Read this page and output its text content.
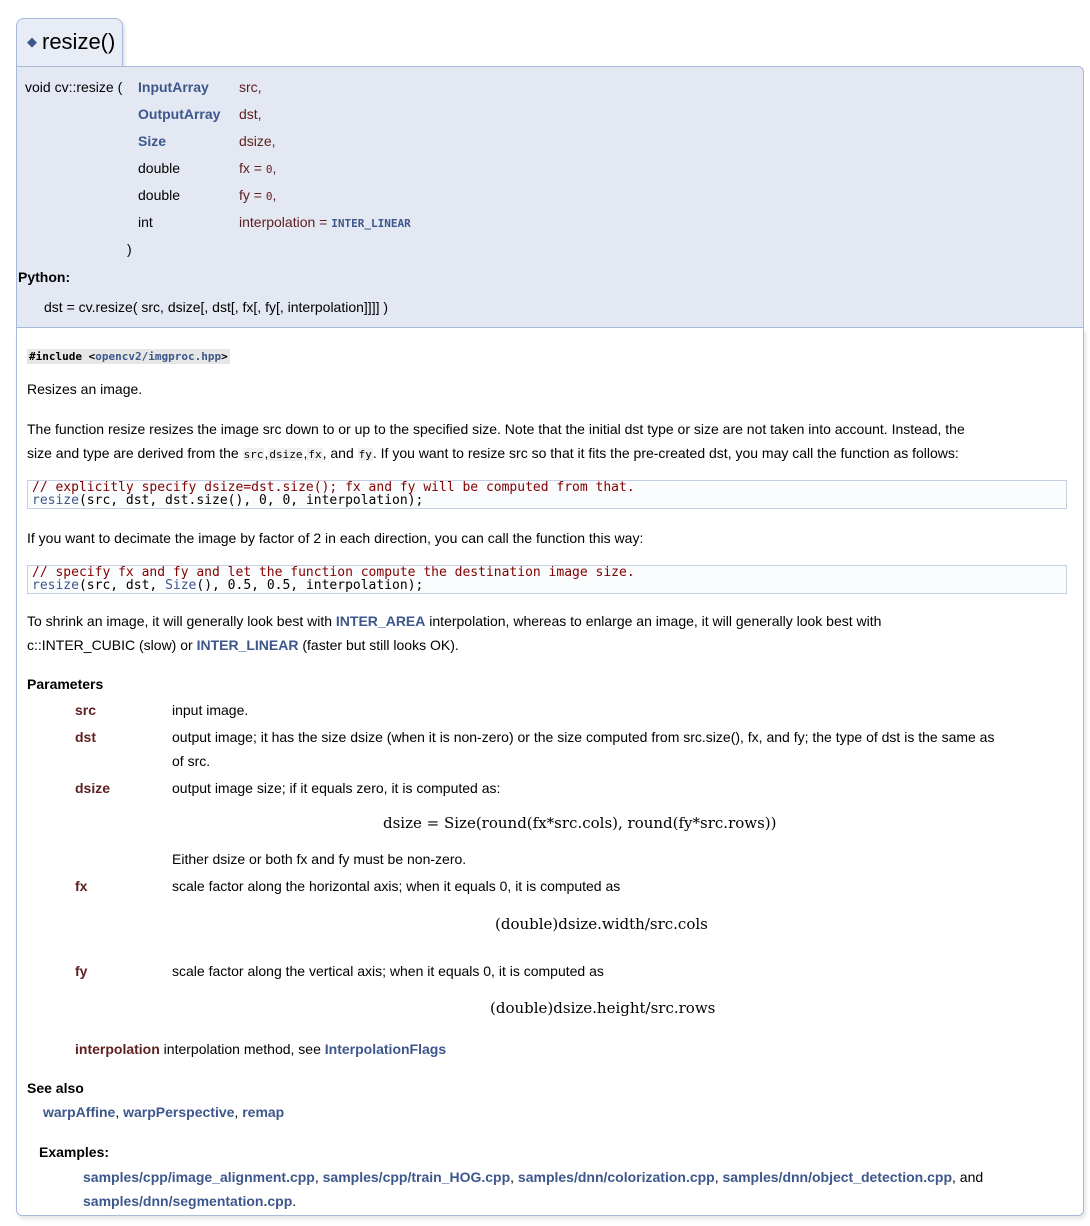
◆ resize()
void cv::resize ( InputArray src,
OutputArray dst,
Size	dsize,
double	fx = 0,
double	fy = 0,
int	interpolation = INTER_LINEAR
)
Python:
dst = cv.resize( src, dsize[, dst[, fx[, fy[, interpolation]]]] )
#include <opencv2/imgproc.hpp>
Resizes an image.
The function resize resizes the image src down to or up to the specified size. Note that the initial dst type or size are not taken into account. Instead, the
size and type are derived from the src,dsize,fx, and fy. If you want to resize src so that it fits the pre-created dst, you may call the function as follows:
// explicitly specify dsize=dst.size(); fx and fy will be computed from that.
resize(src, dst, dst.size(), 0, 0, interpolation);
If you want to decimate the image by factor of 2 in each direction, you can call the function this way:
// specify fx and fy and let the function compute the destination image size.
resize(src, dst, Size(), 0.5, 0.5, interpolation);
To shrink an image, it will generally look best with INTER_AREA interpolation, whereas to enlarge an image, it will generally look best with
c::INTER_CUBIC (slow) or INTER_LINEAR (faster but still looks OK).
Parameters
src	input image.
dst	output image; it has the size dsize (when it is non-zero) or the size computed from src.size(), fx, and fy; the type of dst is the same as
of src.
dsize	output image size; if it equals zero, it is computed as:
dsize = Size(round(fx*src.cols), round(fy*src.rows))
Either dsize or both fx and fy must be non-zero.
fx	scale factor along the horizontal axis; when it equals 0, it is computed as
(double)dsize.width/src.cols
fy	scale factor along the vertical axis; when it equals 0, it is computed as
(double)dsize.height/src.rows
interpolation interpolation method, see InterpolationFlags
See also
warpAffine, warpPerspective, remap
Examples:
samples/cpp/image_alignment.cpp, samples/cpp/train_HOG.cpp, samples/dnn/colorization.cpp, samples/dnn/object_detection.cpp, and
samples/dnn/segmentation.cpp.
